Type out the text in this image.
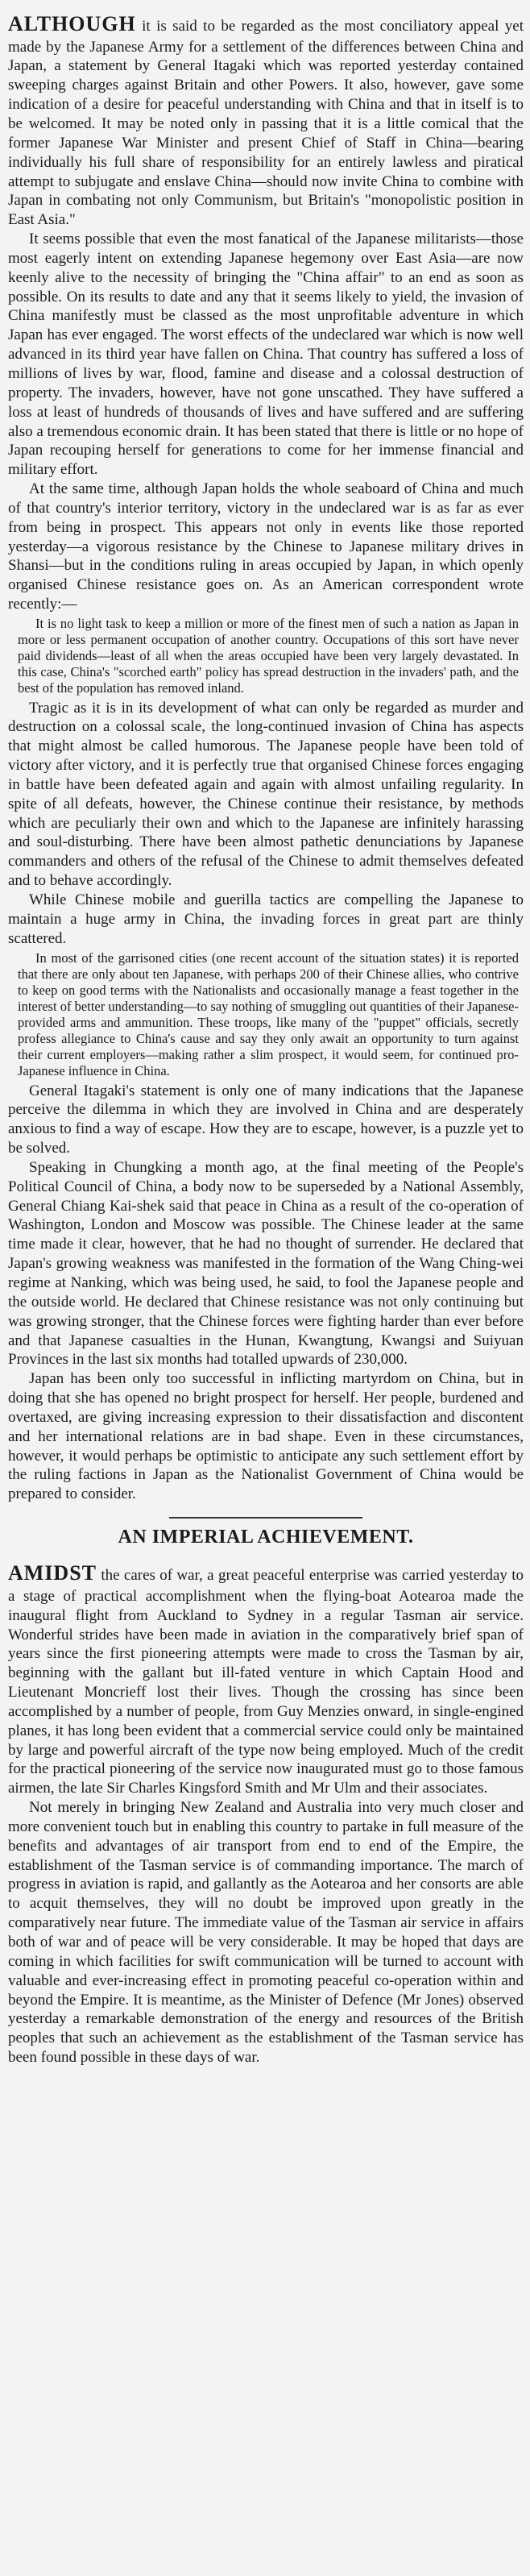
ALTHOUGH it is said to be regarded as the most conciliatory appeal yet made by the Japanese Army for a settlement of the differences between China and Japan, a statement by General Itagaki which was reported yesterday contained sweeping charges against Britain and other Powers. It also, however, gave some indication of a desire for peaceful understanding with China and that in itself is to be welcomed. It may be noted only in passing that it is a little comical that the former Japanese War Minister and present Chief of Staff in China—bearing individually his full share of responsibility for an entirely lawless and piratical attempt to subjugate and enslave China—should now invite China to combine with Japan in combating not only Communism, but Britain's "monopolistic position in East Asia."

It seems possible that even the most fanatical of the Japanese militarists—those most eagerly intent on extending Japanese hegemony over East Asia—are now keenly alive to the necessity of bringing the "China affair" to an end as soon as possible. On its results to date and any that it seems likely to yield, the invasion of China manifestly must be classed as the most unprofitable adventure in which Japan has ever engaged. The worst effects of the undeclared war which is now well advanced in its third year have fallen on China. That country has suffered a loss of millions of lives by war, flood, famine and disease and a colossal destruction of property. The invaders, however, have not gone unscathed. They have suffered a loss at least of hundreds of thousands of lives and have suffered and are suffering also a tremendous economic drain. It has been stated that there is little or no hope of Japan recouping herself for generations to come for her immense financial and military effort.

At the same time, although Japan holds the whole seaboard of China and much of that country's interior territory, victory in the undeclared war is as far as ever from being in prospect. This appears not only in events like those reported yesterday—a vigorous resistance by the Chinese to Japanese military drives in Shansi—but in the conditions ruling in areas occupied by Japan, in which openly organised Chinese resistance goes on. As an American correspondent wrote recently:—

It is no light task to keep a million or more of the finest men of such a nation as Japan in more or less permanent occupation of another country. Occupations of this sort have never paid dividends—least of all when the areas occupied have been very largely devastated. In this case, China's "scorched earth" policy has spread destruction in the invaders' path, and the best of the population has removed inland.

Tragic as it is in its development of what can only be regarded as murder and destruction on a colossal scale, the long-continued invasion of China has aspects that might almost be called humorous. The Japanese people have been told of victory after victory, and it is perfectly true that organised Chinese forces engaging in battle have been defeated again and again with almost unfailing regularity. In spite of all defeats, however, the Chinese continue their resistance, by methods which are peculiarly their own and which to the Japanese are infinitely harassing and soul-disturbing. There have been almost pathetic denunciations by Japanese commanders and others of the refusal of the Chinese to admit themselves defeated and to behave accordingly.

While Chinese mobile and guerilla tactics are compelling the Japanese to maintain a huge army in China, the invading forces in great part are thinly scattered.

In most of the garrisoned cities (one recent account of the situation states) it is reported that there are only about ten Japanese, with perhaps 200 of their Chinese allies, who contrive to keep on good terms with the Nationalists and occasionally manage a feast together in the interest of better understanding—to say nothing of smuggling out quantities of their Japanese-provided arms and ammunition. These troops, like many of the "puppet" officials, secretly profess allegiance to China's cause and say they only await an opportunity to turn against their current employers—making rather a slim prospect, it would seem, for continued pro-Japanese influence in China.

General Itagaki's statement is only one of many indications that the Japanese perceive the dilemma in which they are involved in China and are desperately anxious to find a way of escape. How they are to escape, however, is a puzzle yet to be solved.

Speaking in Chungking a month ago, at the final meeting of the People's Political Council of China, a body now to be superseded by a National Assembly, General Chiang Kai-shek said that peace in China as a result of the co-operation of Washington, London and Moscow was possible. The Chinese leader at the same time made it clear, however, that he had no thought of surrender. He declared that Japan's growing weakness was manifested in the formation of the Wang Ching-wei regime at Nanking, which was being used, he said, to fool the Japanese people and the outside world. He declared that Chinese resistance was not only continuing but was growing stronger, that the Chinese forces were fighting harder than ever before and that Japanese casualties in the Hunan, Kwangtung, Kwangsi and Suiyuan Provinces in the last six months had totalled upwards of 230,000.

Japan has been only too successful in inflicting martyrdom on China, but in doing that she has opened no bright prospect for herself. Her people, burdened and overtaxed, are giving increasing expression to their dissatisfaction and discontent and her international relations are in bad shape. Even in these circumstances, however, it would perhaps be optimistic to anticipate any such settlement effort by the ruling factions in Japan as the Nationalist Government of China would be prepared to consider.

AN IMPERIAL ACHIEVEMENT.

AMIDST the cares of war, a great peaceful enterprise was carried yesterday to a stage of practical accomplishment when the flying-boat Aotearoa made the inaugural flight from Auckland to Sydney in a regular Tasman air service. Wonderful strides have been made in aviation in the comparatively brief span of years since the first pioneering attempts were made to cross the Tasman by air, beginning with the gallant but ill-fated venture in which Captain Hood and Lieutenant Moncrieff lost their lives. Though the crossing has since been accomplished by a number of people, from Guy Menzies onward, in single-engined planes, it has long been evident that a commercial service could only be maintained by large and powerful aircraft of the type now being employed. Much of the credit for the practical pioneering of the service now inaugurated must go to those famous airmen, the late Sir Charles Kingsford Smith and Mr Ulm and their associates.

Not merely in bringing New Zealand and Australia into very much closer and more convenient touch but in enabling this country to partake in full measure of the benefits and advantages of air transport from end to end of the Empire, the establishment of the Tasman service is of commanding importance. The march of progress in aviation is rapid, and gallantly as the Aotearoa and her consorts are able to acquit themselves, they will no doubt be improved upon greatly in the comparatively near future. The immediate value of the Tasman air service in affairs both of war and of peace will be very considerable. It may be hoped that days are coming in which facilities for swift communication will be turned to account with valuable and ever-increasing effect in promoting peaceful co-operation within and beyond the Empire. It is meantime, as the Minister of Defence (Mr Jones) observed yesterday a remarkable demonstration of the energy and resources of the British peoples that such an achievement as the establishment of the Tasman service has been found possible in these days of war.
